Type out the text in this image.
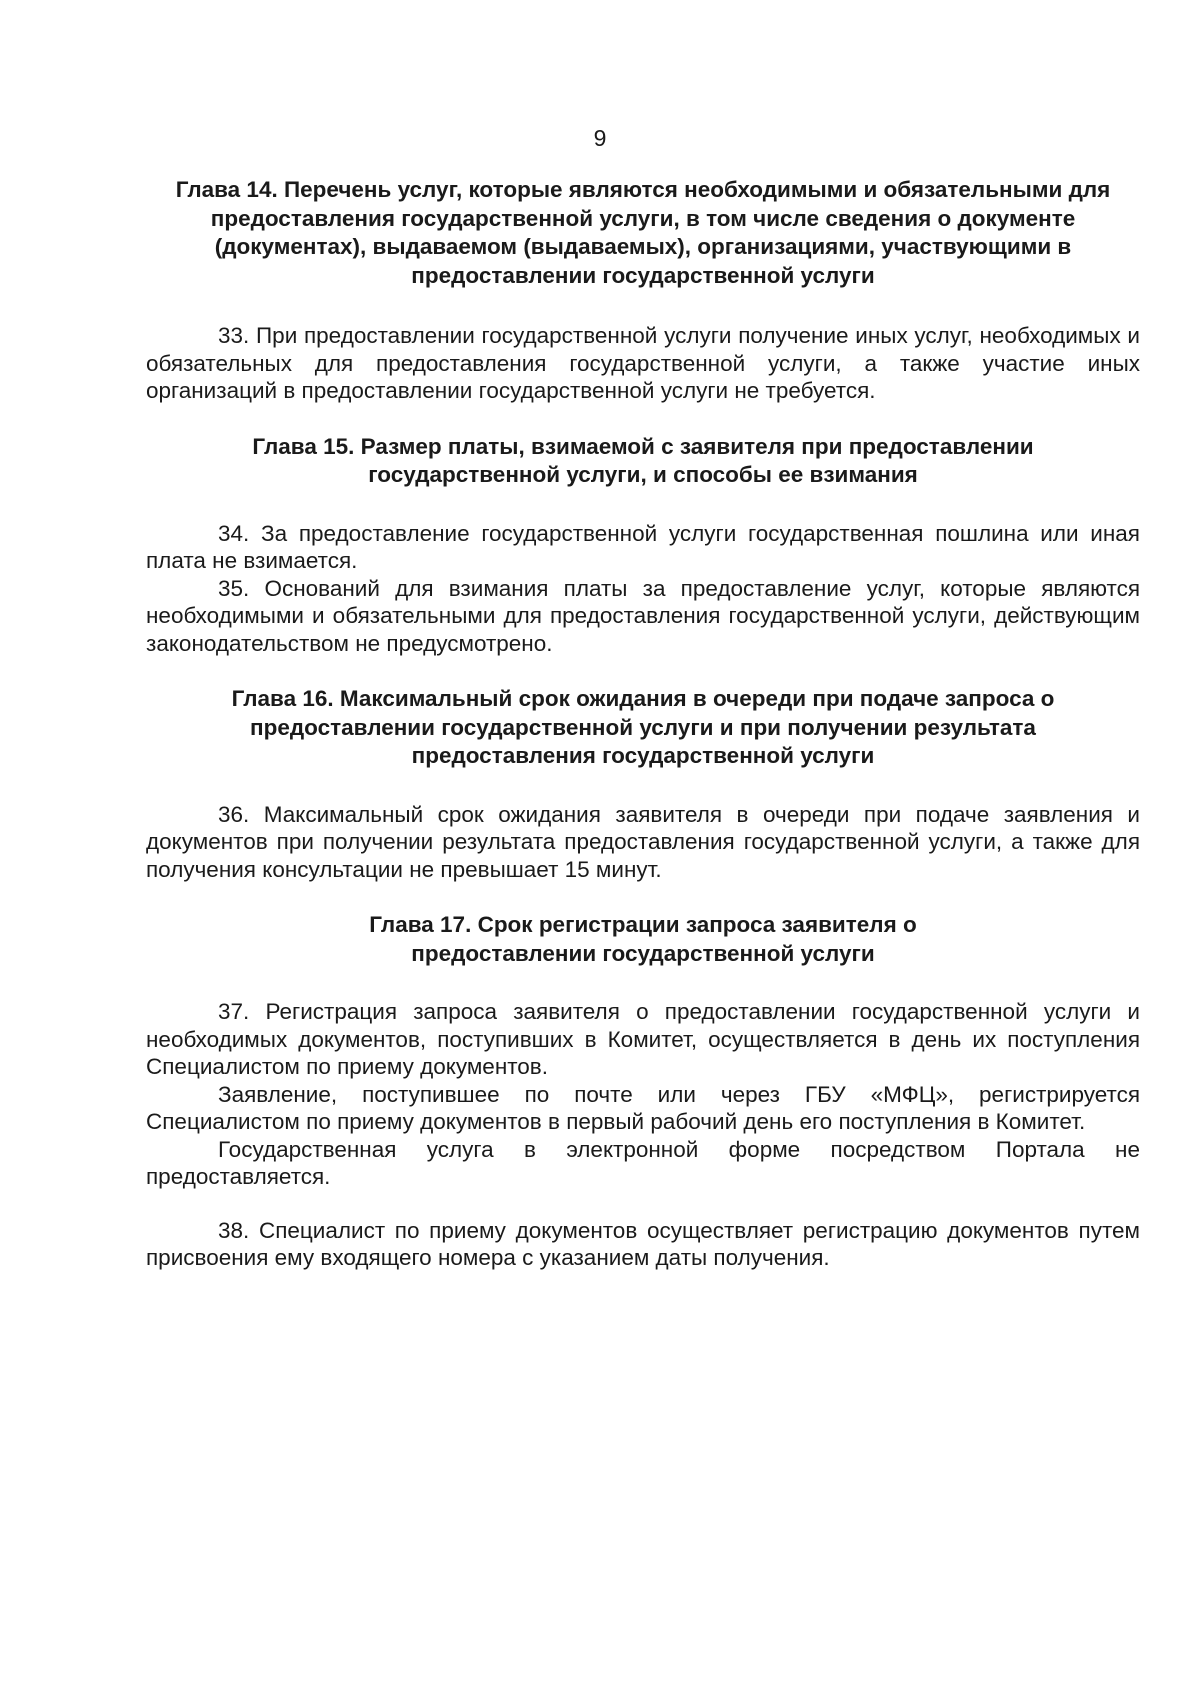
9
Глава 14. Перечень услуг, которые являются необходимыми и обязательными для предоставления государственной услуги, в том числе сведения о документе (документах), выдаваемом (выдаваемых), организациями, участвующими в предоставлении государственной услуги

33. При предоставлении государственной услуги получение иных услуг, необходимых и обязательных для предоставления государственной услуги, а также участие иных организаций в предоставлении государственной услуги не требуется.

Глава 15. Размер платы, взимаемой с заявителя при предоставлении государственной услуги, и способы ее взимания

34. За предоставление государственной услуги государственная пошлина или иная плата не взимается.

35. Оснований для взимания платы за предоставление услуг, которые являются необходимыми и обязательными для предоставления государственной услуги, действующим законодательством не предусмотрено.

Глава 16. Максимальный срок ожидания в очереди при подаче запроса о предоставлении государственной услуги и при получении результата предоставления государственной услуги

36. Максимальный срок ожидания заявителя в очереди при подаче заявления и документов при получении результата предоставления государственной услуги, а также для получения консультации не превышает 15 минут.

Глава 17. Срок регистрации запроса заявителя о предоставлении государственной услуги

37. Регистрация запроса заявителя о предоставлении государственной услуги и необходимых документов, поступивших в Комитет, осуществляется в день их поступления Специалистом по приему документов.

Заявление, поступившее по почте или через ГБУ «МФЦ», регистрируется Специалистом по приему документов в первый рабочий день его поступления в Комитет.

Государственная услуга в электронной форме посредством Портала не предоставляется.

38. Специалист по приему документов осуществляет регистрацию документов путем присвоения ему входящего номера с указанием даты получения.
